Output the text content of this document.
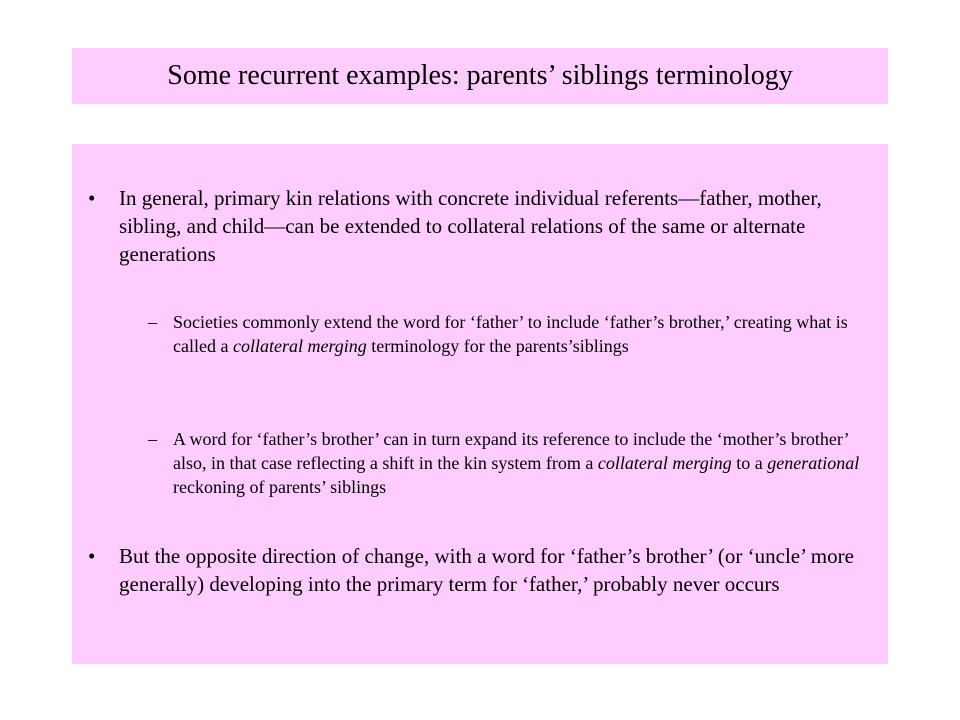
Some recurrent examples: parents’ siblings terminology
•	In general, primary kin relations with concrete individual referents—father, mother, sibling, and child—can be extended to collateral relations of the same or alternate generations
– Societies commonly extend the word for ‘father’ to include ‘father’s brother,’ creating what is called a collateral merging terminology for the parents’siblings
– A word for ‘father’s brother’ can in turn expand its reference to include the ‘mother’s brother’ also, in that case reflecting a shift in the kin system from a collateral merging to a generational reckoning of parents’ siblings
•	But the opposite direction of change, with a word for ‘father’s brother’ (or ‘uncle’ more generally) developing into the primary term for ‘father,’ probably never occurs
